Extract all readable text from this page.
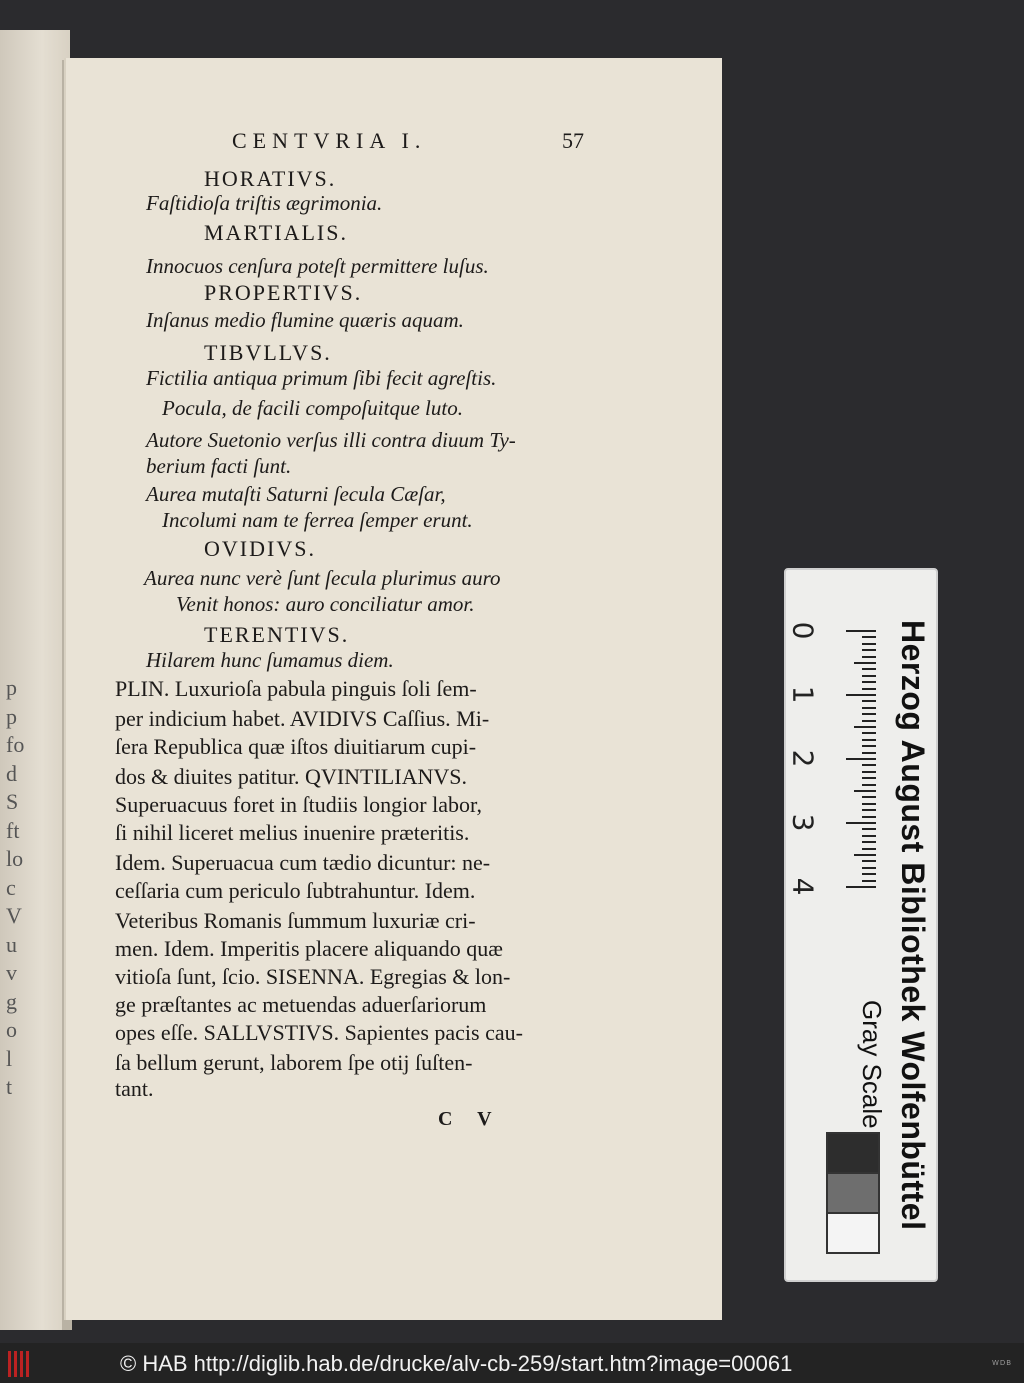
p
p
fo
d
S
ft
lo
c
V
u
v
g
o
l
t
CENTVRIA I.	57
HORATIVS.
Faſtidioſa triſtis ægrimonia.
MARTIALIS.
Innocuos cenſura poteſt permittere luſus.
PROPERTIVS.
Inſanus medio flumine quæris aquam.
TIBVLLVS.
Fictilia antiqua primum ſibi fecit agreſtis.
Pocula, de facili compoſuitque luto.
Autore Suetonio verſus illi contra diuum Ty-
berium facti ſunt.
Aurea mutaſti Saturni ſecula Cæſar,
Incolumi nam te ferrea ſemper erunt.
OVIDIVS.
Aurea nunc verè ſunt ſecula plurimus auro
Venit honos: auro conciliatur amor.
TERENTIVS.
Hilarem hunc ſumamus diem.
PLIN. Luxurioſa pabula pinguis ſoli ſem-
per indicium habet. AVIDIVS Caſſius. Mi-
ſera Republica quæ iſtos diuitiarum cupi-
dos & diuites patitur. QVINTILIANVS.
Superuacuus foret in ſtudiis longior labor,
ſi nihil liceret melius inuenire præteritis.
Idem. Superuacua cum tædio dicuntur: ne-
ceſſaria cum periculo ſubtrahuntur. Idem.
Veteribus Romanis ſummum luxuriæ cri-
men. Idem. Imperitis placere aliquando quæ
vitioſa ſunt, ſcio. SISENNA. Egregias & lon-
ge præſtantes ac metuendas aduerſariorum
opes eſſe. SALLVSTIVS. Sapientes pacis cau-
ſa bellum gerunt, laborem ſpe otij ſuſten-
tant.
C V
0
1
2
3
4 Herzog August Bibliothek Wolfenbüttel
Gray Scale
© HAB http://diglib.hab.de/drucke/alv-cb-259/start.htm?image=00061	WDB
